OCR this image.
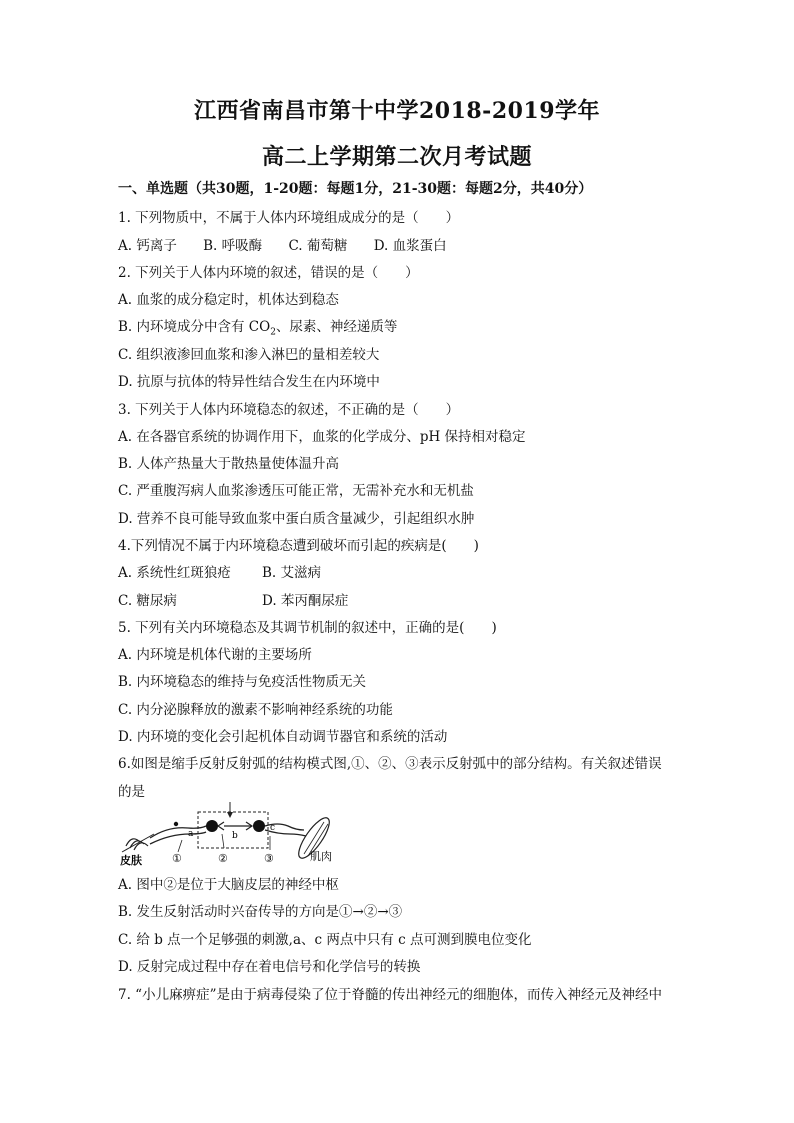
江西省南昌市第十中学2018-2019学年
高二上学期第二次月考试题
一、单选题（共30题，1-20题：每题1分，21-30题：每题2分，共40分）
1. 下列物质中，不属于人体内环境组成成分的是（　　）
A. 钙离子 B. 呼吸酶 C. 葡萄糖 D. 血浆蛋白
2. 下列关于人体内环境的叙述，错误的是（　　）
A. 血浆的成分稳定时，机体达到稳态
B. 内环境成分中含有 $CO_2$、尿素、神经递质等
C. 组织液渗回血浆和渗入淋巴的量相差较大
D. 抗原与抗体的特异性结合发生在内环境中
3. 下列关于人体内环境稳态的叙述，不正确的是（　　）
A. 在各器官系统的协调作用下，血浆的化学成分、pH 保持相对稳定
B. 人体产热量大于散热量使体温升高
C. 严重腹泻病人血浆渗透压可能正常，无需补充水和无机盐
D. 营养不良可能导致血浆中蛋白质含量减少，引起组织水肿
4.下列情况不属于内环境稳态遭到破坏而引起的疾病是(　　)
A. 系统性红斑狼疮 B. 艾滋病
C. 糖尿病	D. 苯丙酮尿症
5. 下列有关内环境稳态及其调节机制的叙述中，正确的是(　　)
A. 内环境是机体代谢的主要场所
B. 内环境稳态的维持与免疫活性物质无关
C. 内分泌腺释放的激素不影响神经系统的功能
D. 内环境的变化会引起机体自动调节器官和系统的活动
6.如图是缩手反射反射弧的结构模式图,①、②、③表示反射弧中的部分结构。有关叙述错误
的是
a	b
c
①	②	③
皮肤	肌肉
A. 图中②是位于大脑皮层的神经中枢
B. 发生反射活动时兴奋传导的方向是①→②→③
C. 给 b 点一个足够强的刺激,a、c 两点中只有 c 点可测到膜电位变化
D. 反射完成过程中存在着电信号和化学信号的转换
7. “小儿麻痹症”是由于病毒侵染了位于脊髓的传出神经元的细胞体，而传入神经元及神经中
